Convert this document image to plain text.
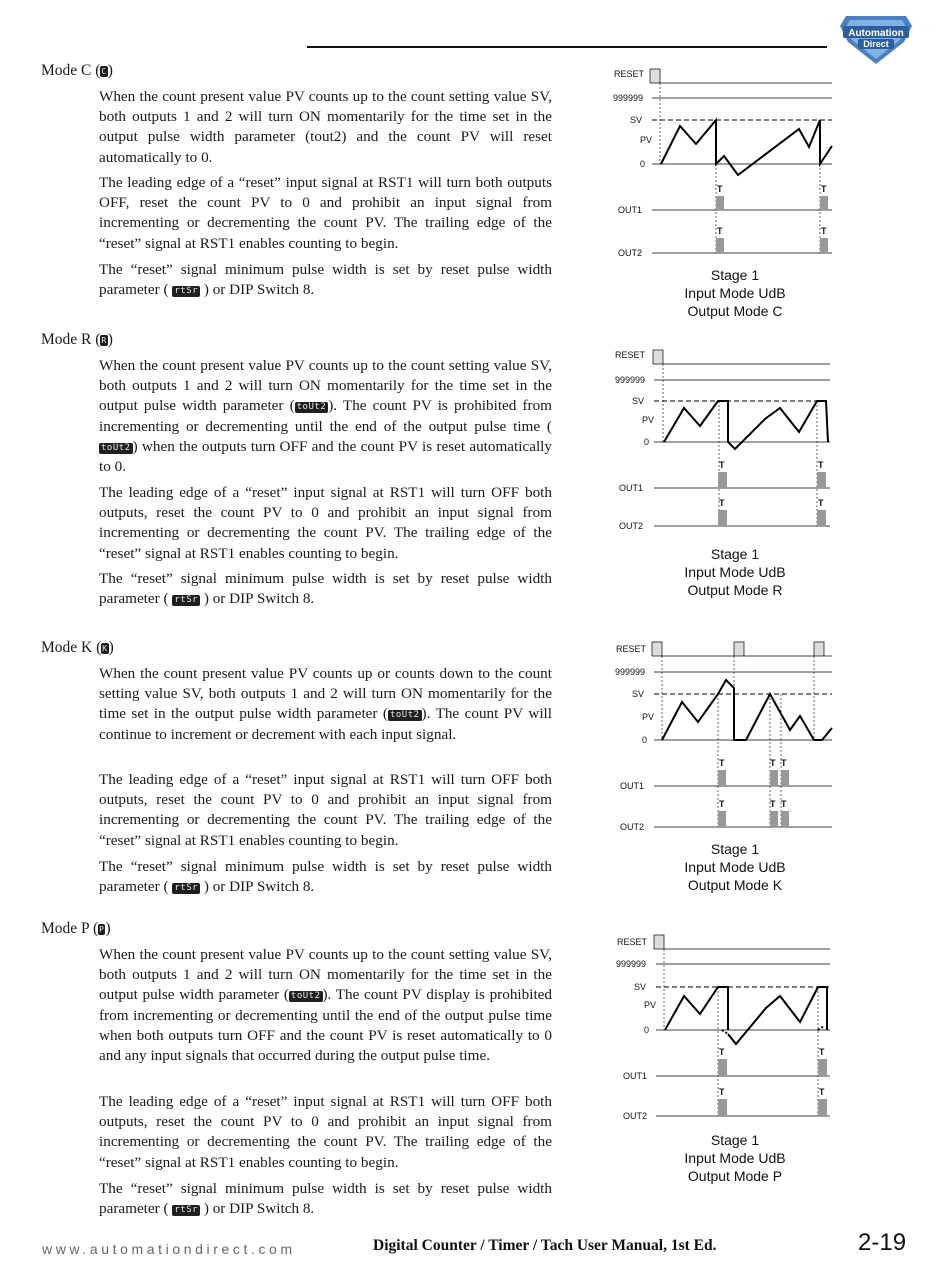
Automation
Direct
Mode C (C)

When the count present value PV counts up to the count setting value SV, both outputs 1 and 2 will turn ON momentarily for the time set in the output pulse width parameter (tout2) and the count PV will reset automatically to 0.

The leading edge of a “reset” input signal at RST1 will turn both outputs OFF, reset the count PV to 0 and prohibit an input signal from incrementing or decrementing the count PV. The trailing edge of the “reset” signal at RST1 enables counting to begin.

The “reset” signal minimum pulse width is set by reset pulse width parameter ( rtSr ) or DIP Switch 8.

RESET
999999
SV
PV
0
OUT1
OUT2
T	T
T	T
Stage 1
Input Mode UdB
Output Mode C
Mode R (R)

When the count present value PV counts up to the count setting value SV, both outputs 1 and 2 will turn ON momentarily for the time set in the output pulse width parameter ( toUt2 ). The count PV is prohibited from incrementing or decrementing until the end of the output pulse time (toUt2 ) when the outputs turn OFF and the count PV is reset automatically to 0.

The leading edge of a “reset” input signal at RST1 will turn OFF both outputs, reset the count PV to 0 and prohibit an input signal from incrementing or decrementing the count PV. The trailing edge of the “reset” signal at RST1 enables counting to begin.

The “reset” signal minimum pulse width is set by reset pulse width parameter ( rtSr ) or DIP Switch 8.

RESET
999999
SV
PV
0
OUT1
OUT2
T	T
T	T
Stage 1
Input Mode UdB
Output Mode R
Mode K (K)

When the count present value PV counts up or counts down to the count setting value SV, both outputs 1 and 2 will turn ON momentarily for the time set in the output pulse width parameter ( toUt2 ). The count PV will continue to increment or decrement with each input signal.

The leading edge of a “reset” input signal at RST1 will turn OFF both outputs, reset the count PV to 0 and prohibit an input signal from incrementing or decrementing the count PV. The trailing edge of the “reset” signal at RST1 enables counting to begin.

The “reset” signal minimum pulse width is set by reset pulse width parameter ( rtSr ) or DIP Switch 8.

RESET
999999
SV
PV
0
OUT1
OUT2
T	T T
T	T T
Stage 1
Input Mode UdB
Output Mode K
Mode P (P)

When the count present value PV counts up to the count setting value SV, both outputs 1 and 2 will turn ON momentarily for the time set in the output pulse width parameter ( toUt2 ). The count PV display is prohibited from incrementing or decrementing until the end of the output pulse time when both outputs turn OFF and the count PV is reset automatically to 0 and any input signals that occurred during the output pulse time.

The leading edge of a “reset” input signal at RST1 will turn OFF both outputs, reset the count PV to 0 and prohibit an input signal from incrementing or decrementing the count PV. The trailing edge of the “reset” signal at RST1 enables counting to begin.

The “reset” signal minimum pulse width is set by reset pulse width parameter ( rtSr ) or DIP Switch 8.

RESET
999999
SV
PV
0
OUT1
OUT2
T	T
T	T
Stage 1
Input Mode UdB
Output Mode P
www.automationdirect.com	Digital Counter / Timer / Tach User Manual, 1st Ed.	2-19
